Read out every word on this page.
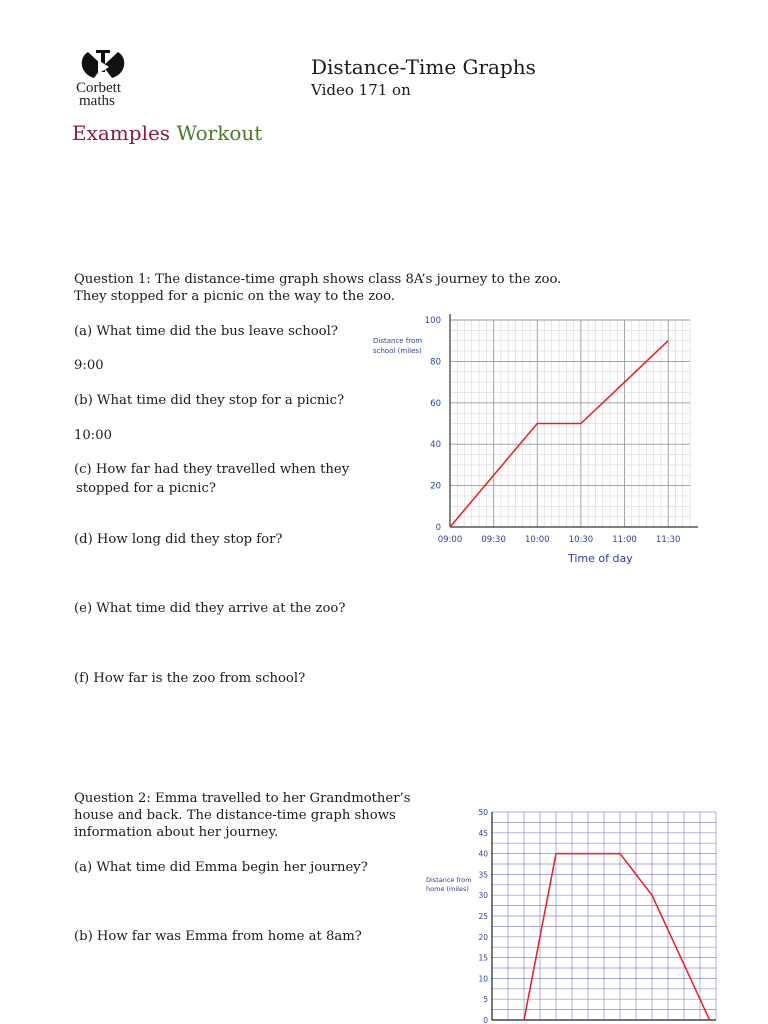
Corbett
maths
Distance-Time Graphs
Video 171 on
Examples Workout
Question 1: The distance-time graph shows class 8A’s journey to the zoo.
They stopped for a picnic on the way to the zoo.
(a) What time did the bus leave school?
9:00
(b) What time did they stop for a picnic?
10:00
(c) How far had they travelled when they
stopped for a picnic?
(d) How long did they stop for?
(e) What time did they arrive at the zoo?
(f) How far is the zoo from school?
09:00 09:30 10:00 10:30 11:00 11:30
0
20
40
60
80
100
Distance from
school (miles)
Time of day
Question 2: Emma travelled to her Grandmother’s
house and back. The distance-time graph shows
information about her journey.
(a) What time did Emma begin her journey?
(b) How far was Emma from home at 8am?
0
5
10
15
20
25
30
35
40
45
50
Distance from
home (miles)
